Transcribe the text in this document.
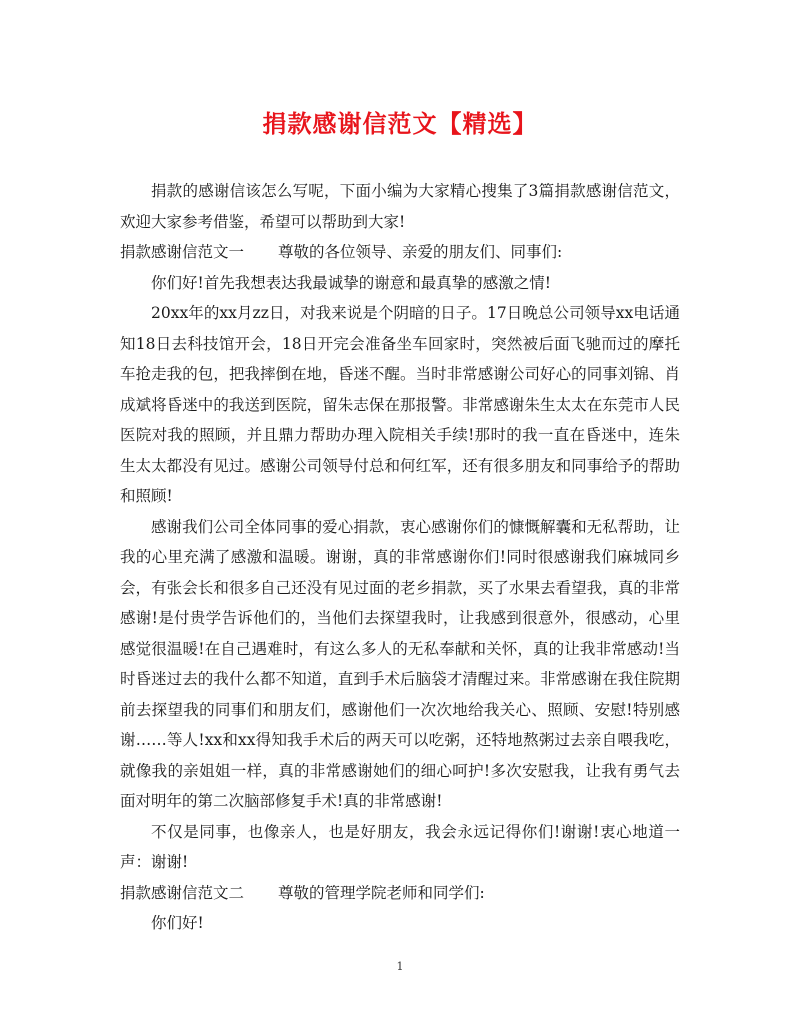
捐款感谢信范文【精选】

捐款的感谢信该怎么写呢，下面小编为大家精心搜集了3篇捐款感谢信范文，欢迎大家参考借鉴，希望可以帮助到大家!

捐款感谢信范文一	尊敬的各位领导、亲爱的朋友们、同事们:

你们好!首先我想表达我最诚挚的谢意和最真挚的感激之情!

20xx年的xx月zz日，对我来说是个阴暗的日子。17日晚总公司领导xx电话通知18日去科技馆开会，18日开完会准备坐车回家时，突然被后面飞驰而过的摩托车抢走我的包，把我摔倒在地，昏迷不醒。当时非常感谢公司好心的同事刘锦、肖成斌将昏迷中的我送到医院，留朱志保在那报警。非常感谢朱生太太在东莞市人民医院对我的照顾，并且鼎力帮助办理入院相关手续!那时的我一直在昏迷中，连朱生太太都没有见过。感谢公司领导付总和何红军，还有很多朋友和同事给予的帮助和照顾!

感谢我们公司全体同事的爱心捐款，衷心感谢你们的慷慨解囊和无私帮助，让我的心里充满了感激和温暖。谢谢，真的非常感谢你们!同时很感谢我们麻城同乡会，有张会长和很多自己还没有见过面的老乡捐款，买了水果去看望我，真的非常感谢!是付贵学告诉他们的，当他们去探望我时，让我感到很意外，很感动，心里感觉很温暖!在自己遇难时，有这么多人的无私奉献和关怀，真的让我非常感动!当时昏迷过去的我什么都不知道，直到手术后脑袋才清醒过来。非常感谢在我住院期前去探望我的同事们和朋友们，感谢他们一次次地给我关心、照顾、安慰!特别感谢……等人!xx和xx得知我手术后的两天可以吃粥，还特地熬粥过去亲自喂我吃，就像我的亲姐姐一样，真的非常感谢她们的细心呵护!多次安慰我，让我有勇气去面对明年的第二次脑部修复手术!真的非常感谢!

不仅是同事，也像亲人，也是好朋友，我会永远记得你们!谢谢!衷心地道一声：谢谢!

捐款感谢信范文二	尊敬的管理学院老师和同学们:

你们好!

1
